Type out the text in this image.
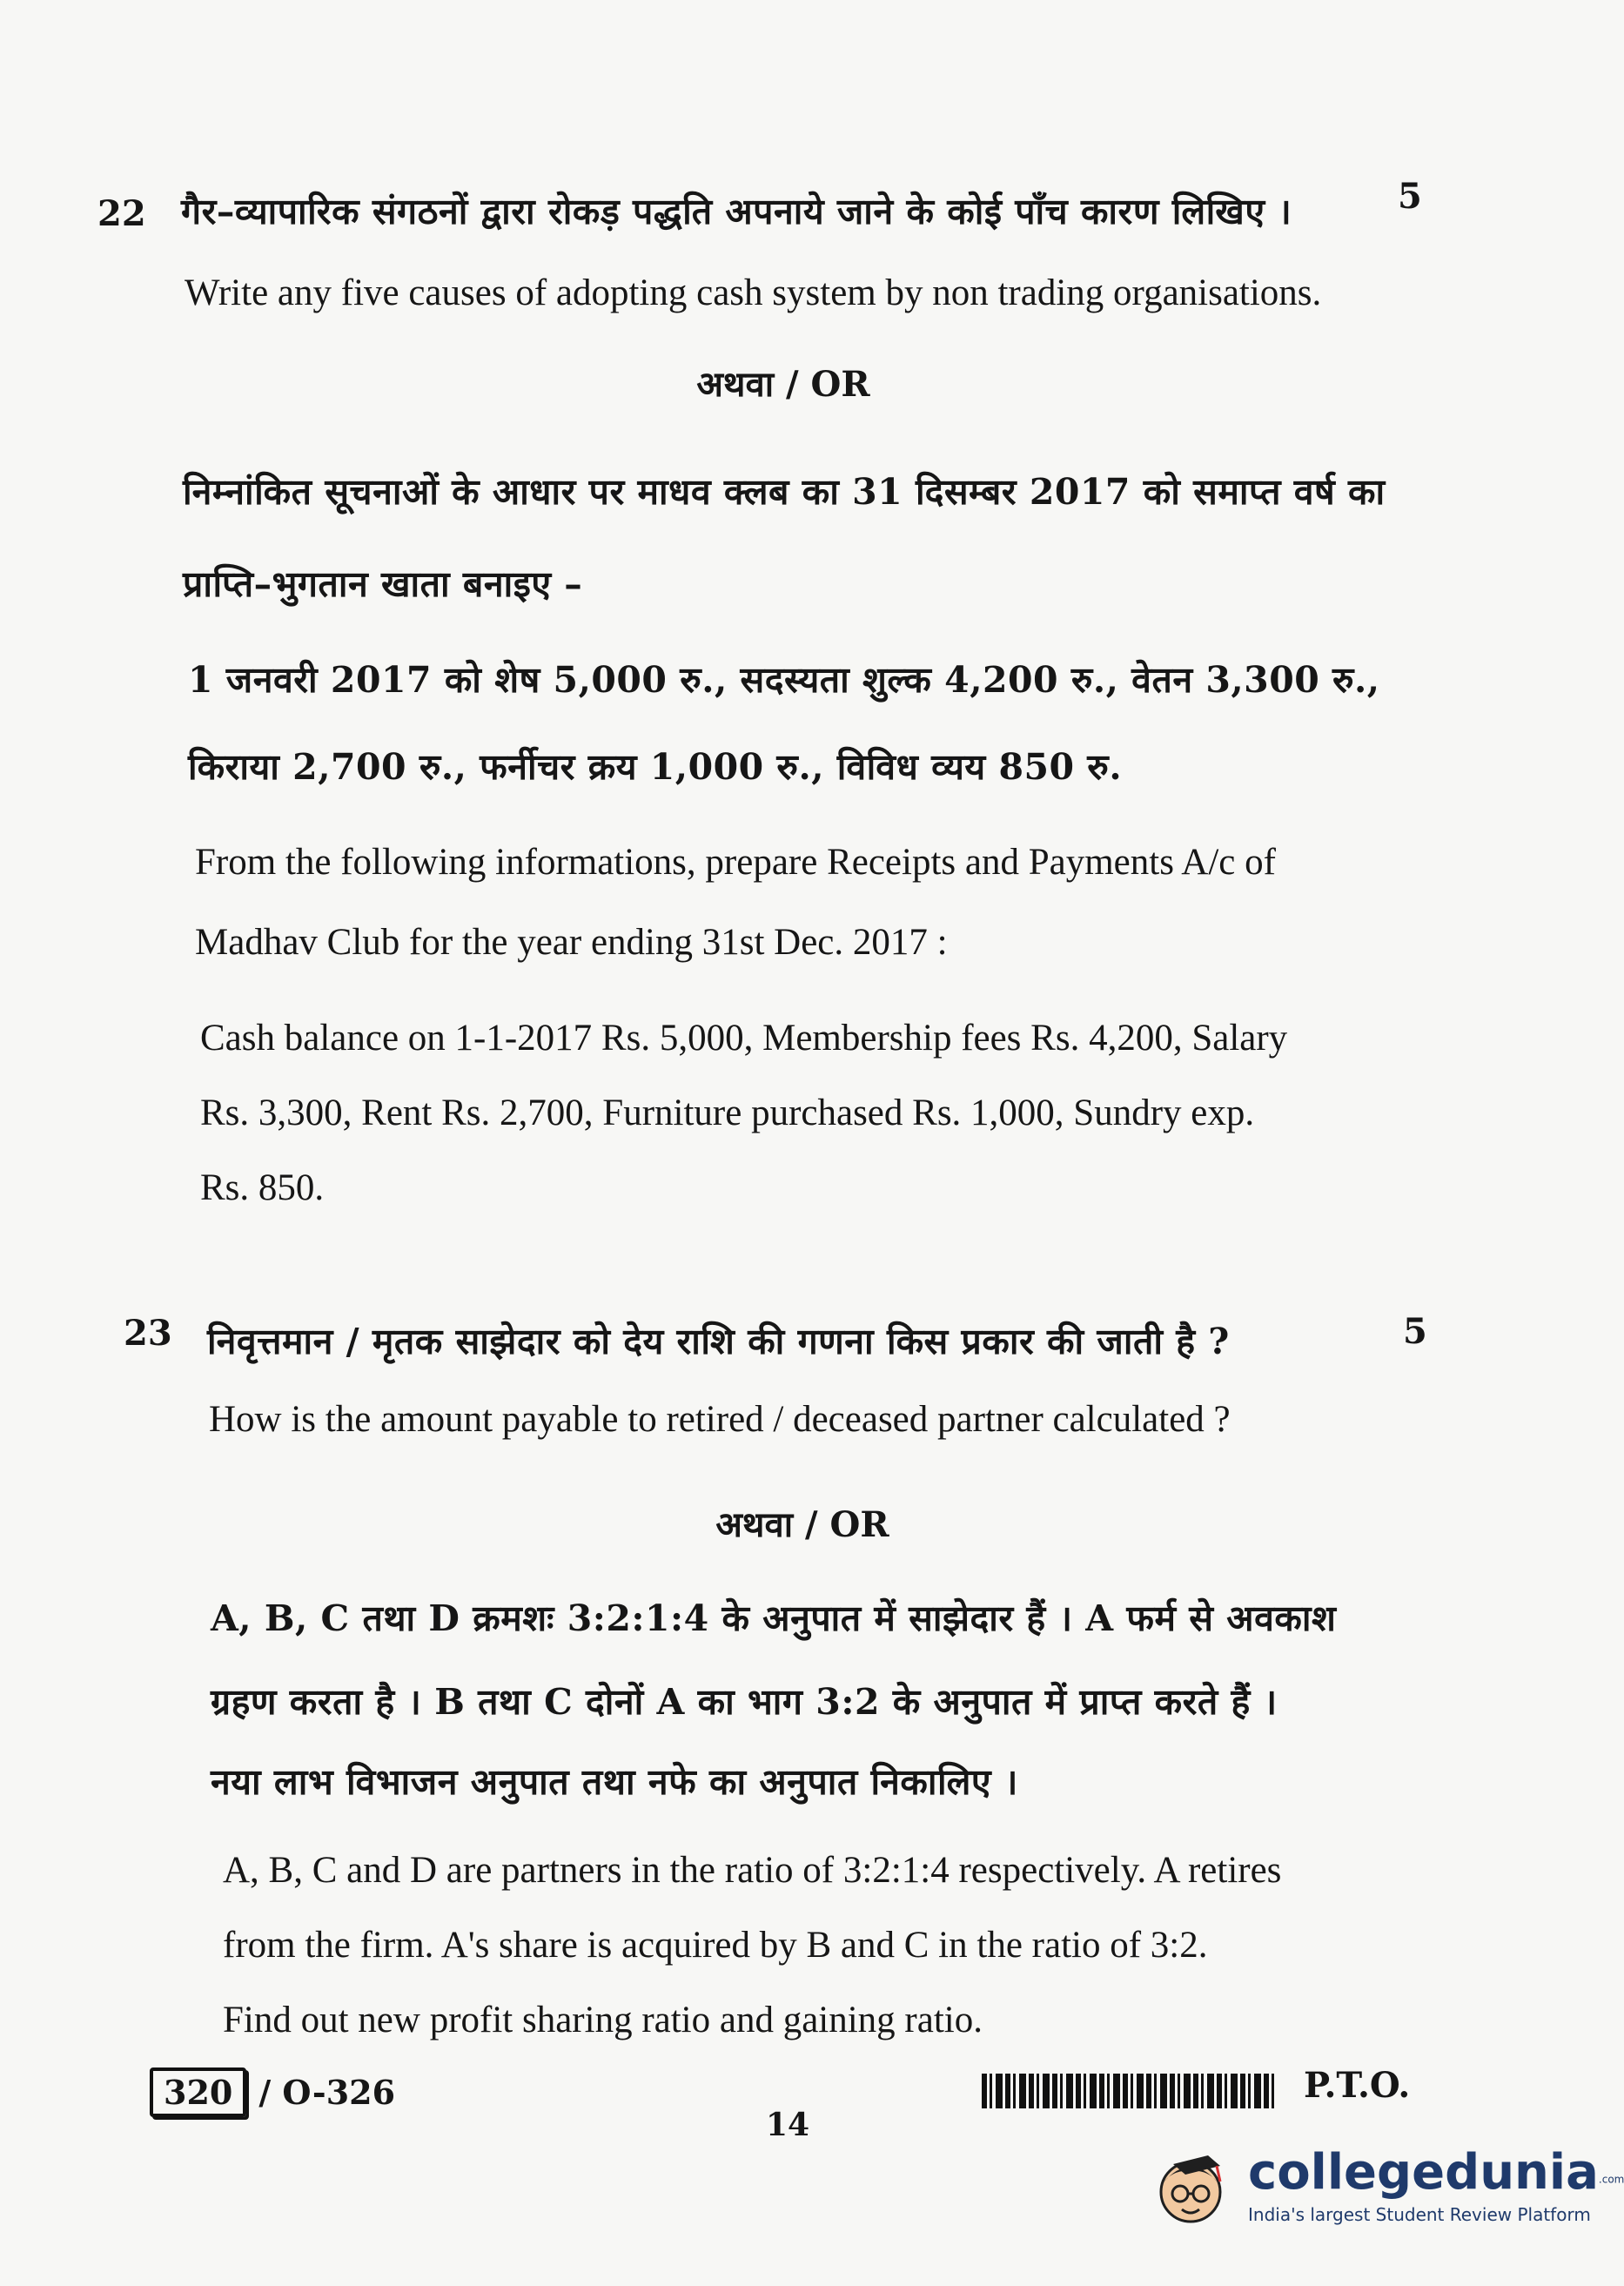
22 गैर–व्यापारिक संगठनों द्वारा रोकड़ पद्धति अपनाये जाने के कोई पाँच कारण लिखिए ।	5
Write any five causes of adopting cash system by non trading organisations.
अथवा / OR
निम्नांकित सूचनाओं के आधार पर माधव क्लब का 31 दिसम्बर 2017 को समाप्त वर्ष का
प्राप्ति–भुगतान खाता बनाइए –
1 जनवरी 2017 को शेष 5,000 रु., सदस्यता शुल्क 4,200 रु., वेतन 3,300 रु.,
किराया 2,700 रु., फर्नीचर क्रय 1,000 रु., विविध व्यय 850 रु.
From the following informations, prepare Receipts and Payments A/c of
Madhav Club for the year ending 31st Dec. 2017 :
Cash balance on 1-1-2017 Rs. 5,000, Membership fees Rs. 4,200, Salary
Rs. 3,300, Rent Rs. 2,700, Furniture purchased Rs. 1,000, Sundry exp.
Rs. 850.
23 निवृत्तमान / मृतक साझेदार को देय राशि की गणना किस प्रकार की जाती है ?	5
How is the amount payable to retired / deceased partner calculated ?
अथवा / OR
A, B, C तथा D क्रमशः 3:2:1:4 के अनुपात में साझेदार हैं । A फर्म से अवकाश
ग्रहण करता है । B तथा C दोनों A का भाग 3:2 के अनुपात में प्राप्त करते हैं ।
नया लाभ विभाजन अनुपात तथा नफे का अनुपात निकालिए ।
A, B, C and D are partners in the ratio of 3:2:1:4 respectively. A retires
from the firm. A's share is acquired by B and C in the ratio of 3:2.
Find out new profit sharing ratio and gaining ratio.
320 / O-326
14
P.T.O.
collegedunia$^{.com}$
India's largest Student Review Platform
